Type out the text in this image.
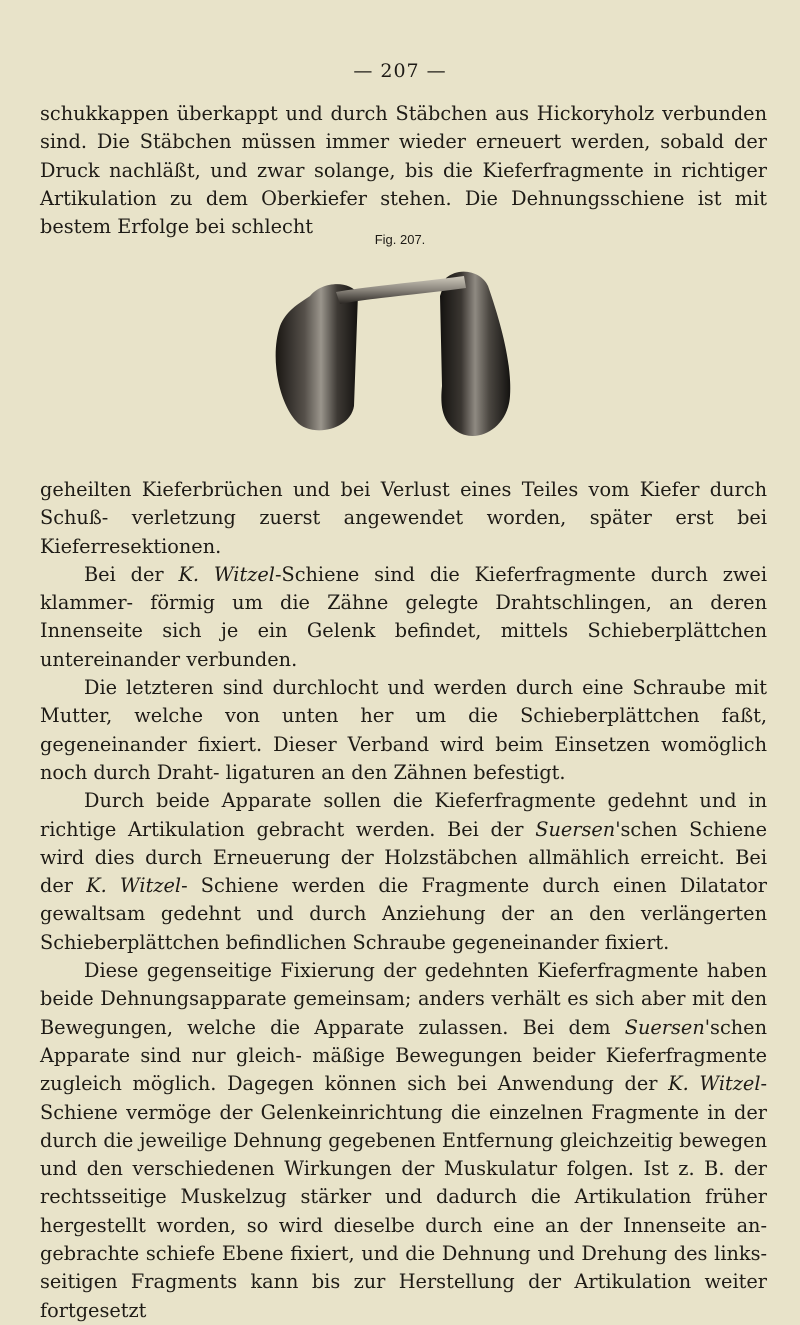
— 207 —

schukkappen überkappt und durch Stäbchen aus Hickoryholz verbunden sind. Die Stäbchen müssen immer wieder erneuert werden, sobald der Druck nachläßt, und zwar solange, bis die Kieferfragmente in richtiger Artikulation zu dem Oberkiefer stehen. Die Dehnungsschiene ist mit bestem Erfolge bei schlecht

Fig. 207.

geheilten Kieferbrüchen und bei Verlust eines Teiles vom Kiefer durch Schuß- verletzung zuerst angewendet worden, später erst bei Kieferresektionen.

Bei der K. Witzel-Schiene sind die Kieferfragmente durch zwei klammer- förmig um die Zähne gelegte Drahtschlingen, an deren Innenseite sich je ein Gelenk befindet, mittels Schieberplättchen untereinander verbunden.

Die letzteren sind durchlocht und werden durch eine Schraube mit Mutter, welche von unten her um die Schieberplättchen faßt, gegeneinander fixiert. Dieser Verband wird beim Einsetzen womöglich noch durch Draht- ligaturen an den Zähnen befestigt.

Durch beide Apparate sollen die Kieferfragmente gedehnt und in richtige Artikulation gebracht werden. Bei der Suersen'schen Schiene wird dies durch Erneuerung der Holzstäbchen allmählich erreicht. Bei der K. Witzel- Schiene werden die Fragmente durch einen Dilatator gewaltsam gedehnt und durch Anziehung der an den verlängerten Schieberplättchen befindlichen Schraube gegeneinander fixiert.

Diese gegenseitige Fixierung der gedehnten Kieferfragmente haben beide Dehnungsapparate gemeinsam; anders verhält es sich aber mit den Bewegungen, welche die Apparate zulassen. Bei dem Suersen'schen Apparate sind nur gleich- mäßige Bewegungen beider Kieferfragmente zugleich möglich. Dagegen können sich bei Anwendung der K. Witzel-Schiene vermöge der Gelenkeinrichtung die einzelnen Fragmente in der durch die jeweilige Dehnung gegebenen Entfernung gleichzeitig bewegen und den verschiedenen Wirkungen der Muskulatur folgen. Ist z. B. der rechtsseitige Muskelzug stärker und dadurch die Artikulation früher hergestellt worden, so wird dieselbe durch eine an der Innenseite an- gebrachte schiefe Ebene fixiert, und die Dehnung und Drehung des links- seitigen Fragments kann bis zur Herstellung der Artikulation weiter fortgesetzt
